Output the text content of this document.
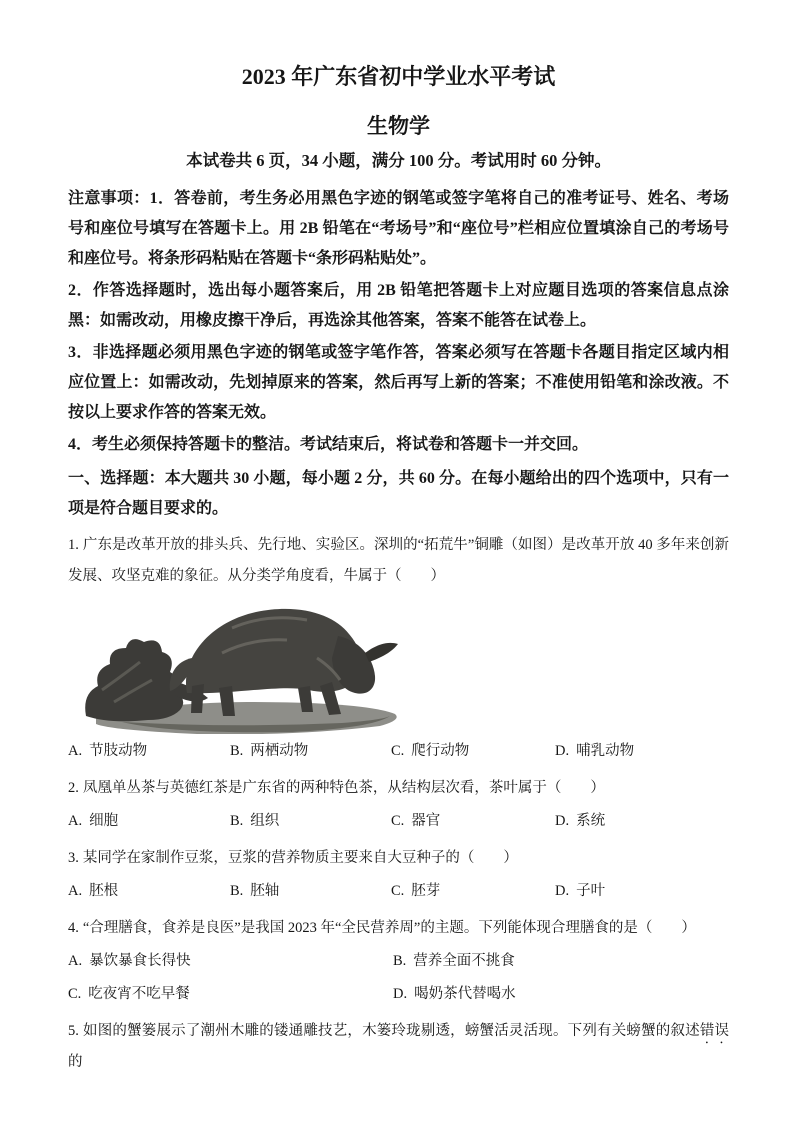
2023 年广东省初中学业水平考试
生物学
本试卷共 6 页，34 小题，满分 100 分。考试用时 60 分钟。

注意事项：1．答卷前，考生务必用黑色字迹的钢笔或签字笔将自己的准考证号、姓名、考场号和座位号填写在答题卡上。用 2B 铅笔在“考场号”和“座位号”栏相应位置填涂自己的考场号和座位号。将条形码粘贴在答题卡“条形码粘贴处”。

2．作答选择题时，选出每小题答案后，用 2B 铅笔把答题卡上对应题目选项的答案信息点涂黑：如需改动，用橡皮擦干净后，再选涂其他答案，答案不能答在试卷上。

3．非选择题必须用黑色字迹的钢笔或签字笔作答，答案必须写在答题卡各题目指定区域内相应位置上：如需改动，先划掉原来的答案，然后再写上新的答案；不准使用铅笔和涂改液。不按以上要求作答的答案无效。

4．考生必须保持答题卡的整洁。考试结束后，将试卷和答题卡一并交回。

一、选择题：本大题共 30 小题，每小题 2 分，共 60 分。在每小题给出的四个选项中，只有一项是符合题目要求的。

1. 广东是改革开放的排头兵、先行地、实验区。深圳的“拓荒牛”铜雕（如图）是改革开放 40 多年来创新发展、攻坚克难的象征。从分类学角度看，牛属于（　　）

A. 节肢动物	B. 两栖动物	C. 爬行动物	D. 哺乳动物

2. 凤凰单丛茶与英德红茶是广东省的两种特色茶，从结构层次看，茶叶属于（　　）

A. 细胞	B. 组织	C. 器官	D. 系统

3. 某同学在家制作豆浆，豆浆的营养物质主要来自大豆种子的（　　）

A. 胚根	B. 胚轴	C. 胚芽	D. 子叶

4. “合理膳食，食养是良医”是我国 2023 年“全民营养周”的主题。下列能体现合理膳食的是（　　）

A. 暴饮暴食长得快	B. 营养全面不挑食
C. 吃夜宵不吃早餐	D. 喝奶茶代替喝水

5. 如图的蟹篓展示了潮州木雕的镂通雕技艺，木篓玲珑剔透，螃蟹活灵活现。下列有关螃蟹的叙述错误的
